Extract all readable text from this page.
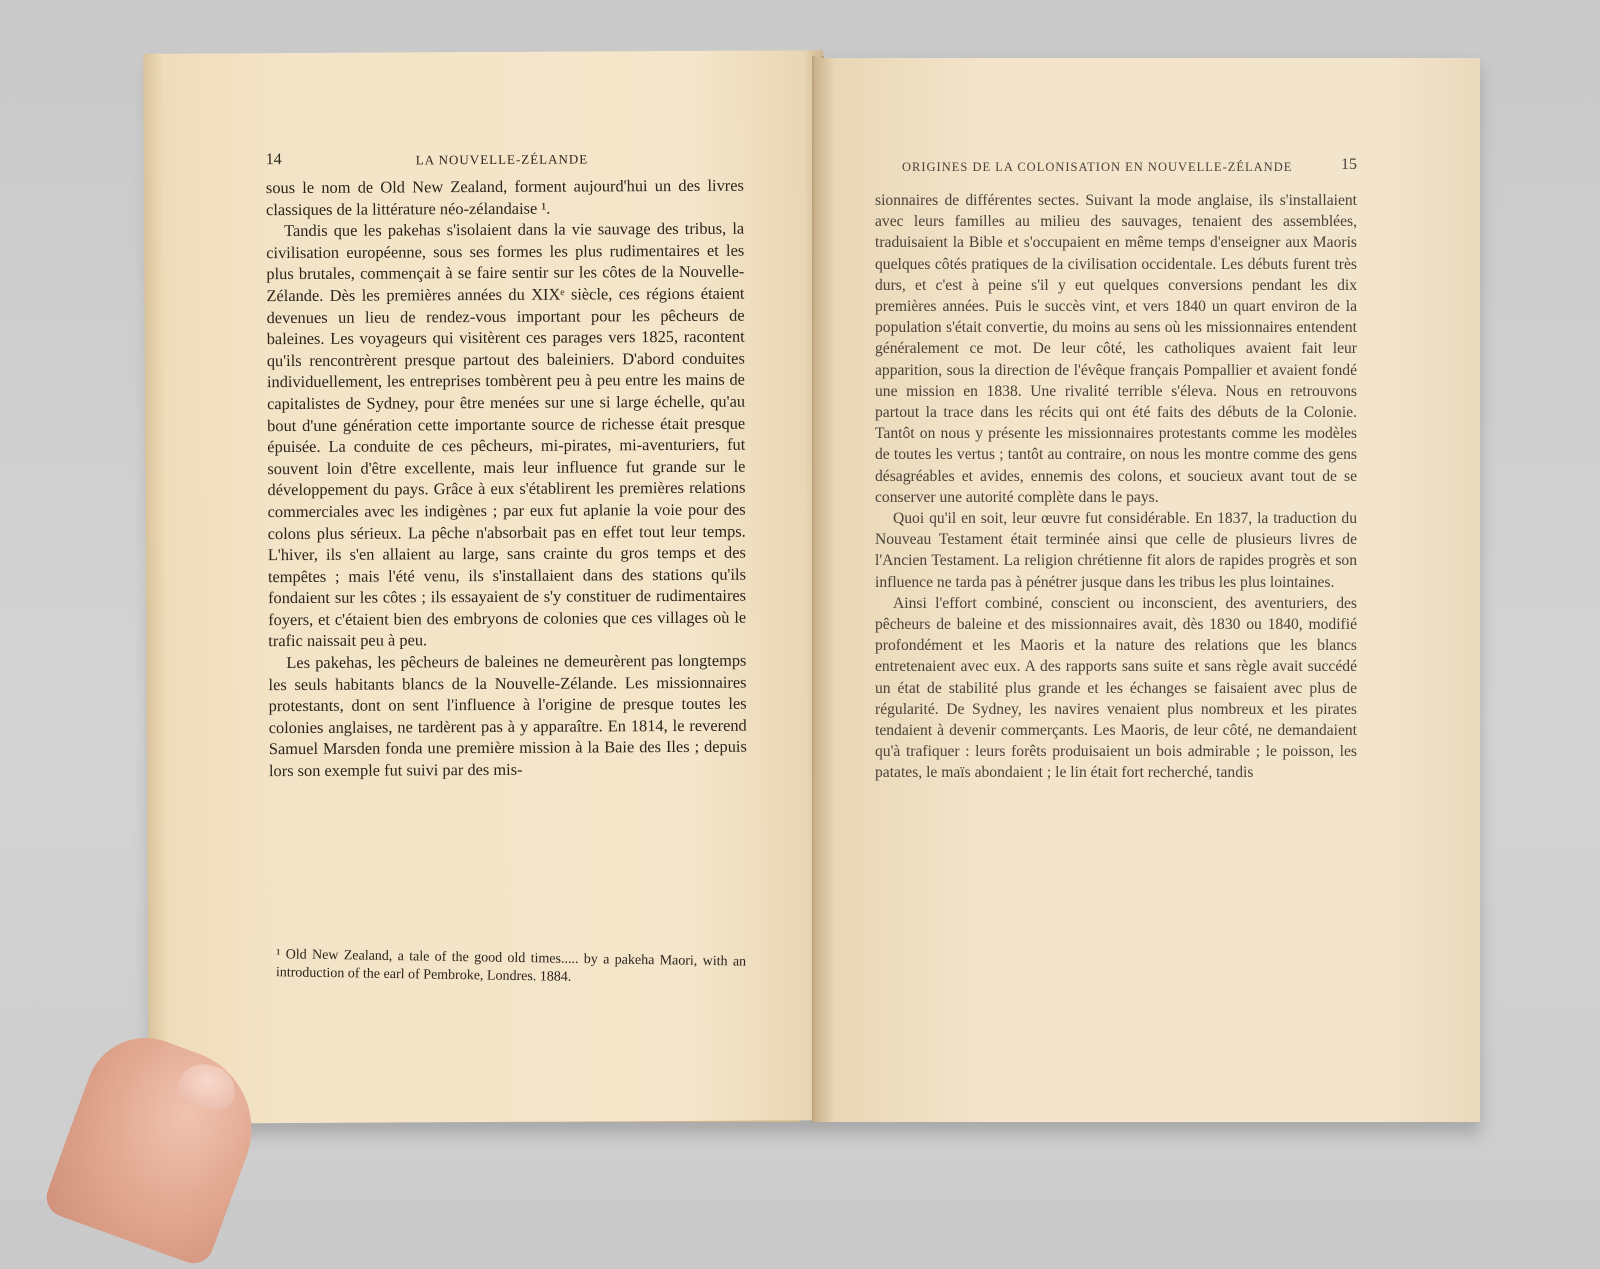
14	LA NOUVELLE-ZÉLANDE

sous le nom de Old New Zealand, forment aujourd'hui un des livres classiques de la littérature néo-zélandaise ¹.

Tandis que les pakehas s'isolaient dans la vie sauvage des tribus, la civilisation européenne, sous ses formes les plus rudimentaires et les plus brutales, commençait à se faire sentir sur les côtes de la Nouvelle-Zélande. Dès les premières années du XIXᵉ siècle, ces régions étaient devenues un lieu de rendez-vous important pour les pêcheurs de baleines. Les voyageurs qui visitèrent ces parages vers 1825, racontent qu'ils rencontrèrent presque partout des baleiniers. D'abord conduites individuellement, les entreprises tombèrent peu à peu entre les mains de capitalistes de Sydney, pour être menées sur une si large échelle, qu'au bout d'une génération cette importante source de richesse était presque épuisée. La conduite de ces pêcheurs, mi-pirates, mi-aventuriers, fut souvent loin d'être excellente, mais leur influence fut grande sur le développement du pays. Grâce à eux s'établirent les premières relations commerciales avec les indigènes ; par eux fut aplanie la voie pour des colons plus sérieux. La pêche n'absorbait pas en effet tout leur temps. L'hiver, ils s'en allaient au large, sans crainte du gros temps et des tempêtes ; mais l'été venu, ils s'installaient dans des stations qu'ils fondaient sur les côtes ; ils essayaient de s'y constituer de rudimentaires foyers, et c'étaient bien des embryons de colonies que ces villages où le trafic naissait peu à peu.

Les pakehas, les pêcheurs de baleines ne demeurèrent pas longtemps les seuls habitants blancs de la Nouvelle-Zélande. Les missionnaires protestants, dont on sent l'influence à l'origine de presque toutes les colonies anglaises, ne tardèrent pas à y apparaître. En 1814, le reverend Samuel Marsden fonda une première mission à la Baie des Iles ; depuis lors son exemple fut suivi par des mis-

¹ Old New Zealand, a tale of the good old times..... by a pakeha Maori, with an introduction of the earl of Pembroke, Londres. 1884.
ORIGINES DE LA COLONISATION EN NOUVELLE-ZÉLANDE	15

sionnaires de différentes sectes. Suivant la mode anglaise, ils s'installaient avec leurs familles au milieu des sauvages, tenaient des assemblées, traduisaient la Bible et s'occupaient en même temps d'enseigner aux Maoris quelques côtés pratiques de la civilisation occidentale. Les débuts furent très durs, et c'est à peine s'il y eut quelques conversions pendant les dix premières années. Puis le succès vint, et vers 1840 un quart environ de la population s'était convertie, du moins au sens où les missionnaires entendent généralement ce mot. De leur côté, les catholiques avaient fait leur apparition, sous la direction de l'évêque français Pompallier et avaient fondé une mission en 1838. Une rivalité terrible s'éleva. Nous en retrouvons partout la trace dans les récits qui ont été faits des débuts de la Colonie. Tantôt on nous y présente les missionnaires protestants comme les modèles de toutes les vertus ; tantôt au contraire, on nous les montre comme des gens désagréables et avides, ennemis des colons, et soucieux avant tout de se conserver une autorité complète dans le pays.

Quoi qu'il en soit, leur œuvre fut considérable. En 1837, la traduction du Nouveau Testament était terminée ainsi que celle de plusieurs livres de l'Ancien Testament. La religion chrétienne fit alors de rapides progrès et son influence ne tarda pas à pénétrer jusque dans les tribus les plus lointaines.

Ainsi l'effort combiné, conscient ou inconscient, des aventuriers, des pêcheurs de baleine et des missionnaires avait, dès 1830 ou 1840, modifié profondément et les Maoris et la nature des relations que les blancs entretenaient avec eux. A des rapports sans suite et sans règle avait succédé un état de stabilité plus grande et les échanges se faisaient avec plus de régularité. De Sydney, les navires venaient plus nombreux et les pirates tendaient à devenir commerçants. Les Maoris, de leur côté, ne demandaient qu'à trafiquer : leurs forêts produisaient un bois admirable ; le poisson, les patates, le maïs abondaient ; le lin était fort recherché, tandis
